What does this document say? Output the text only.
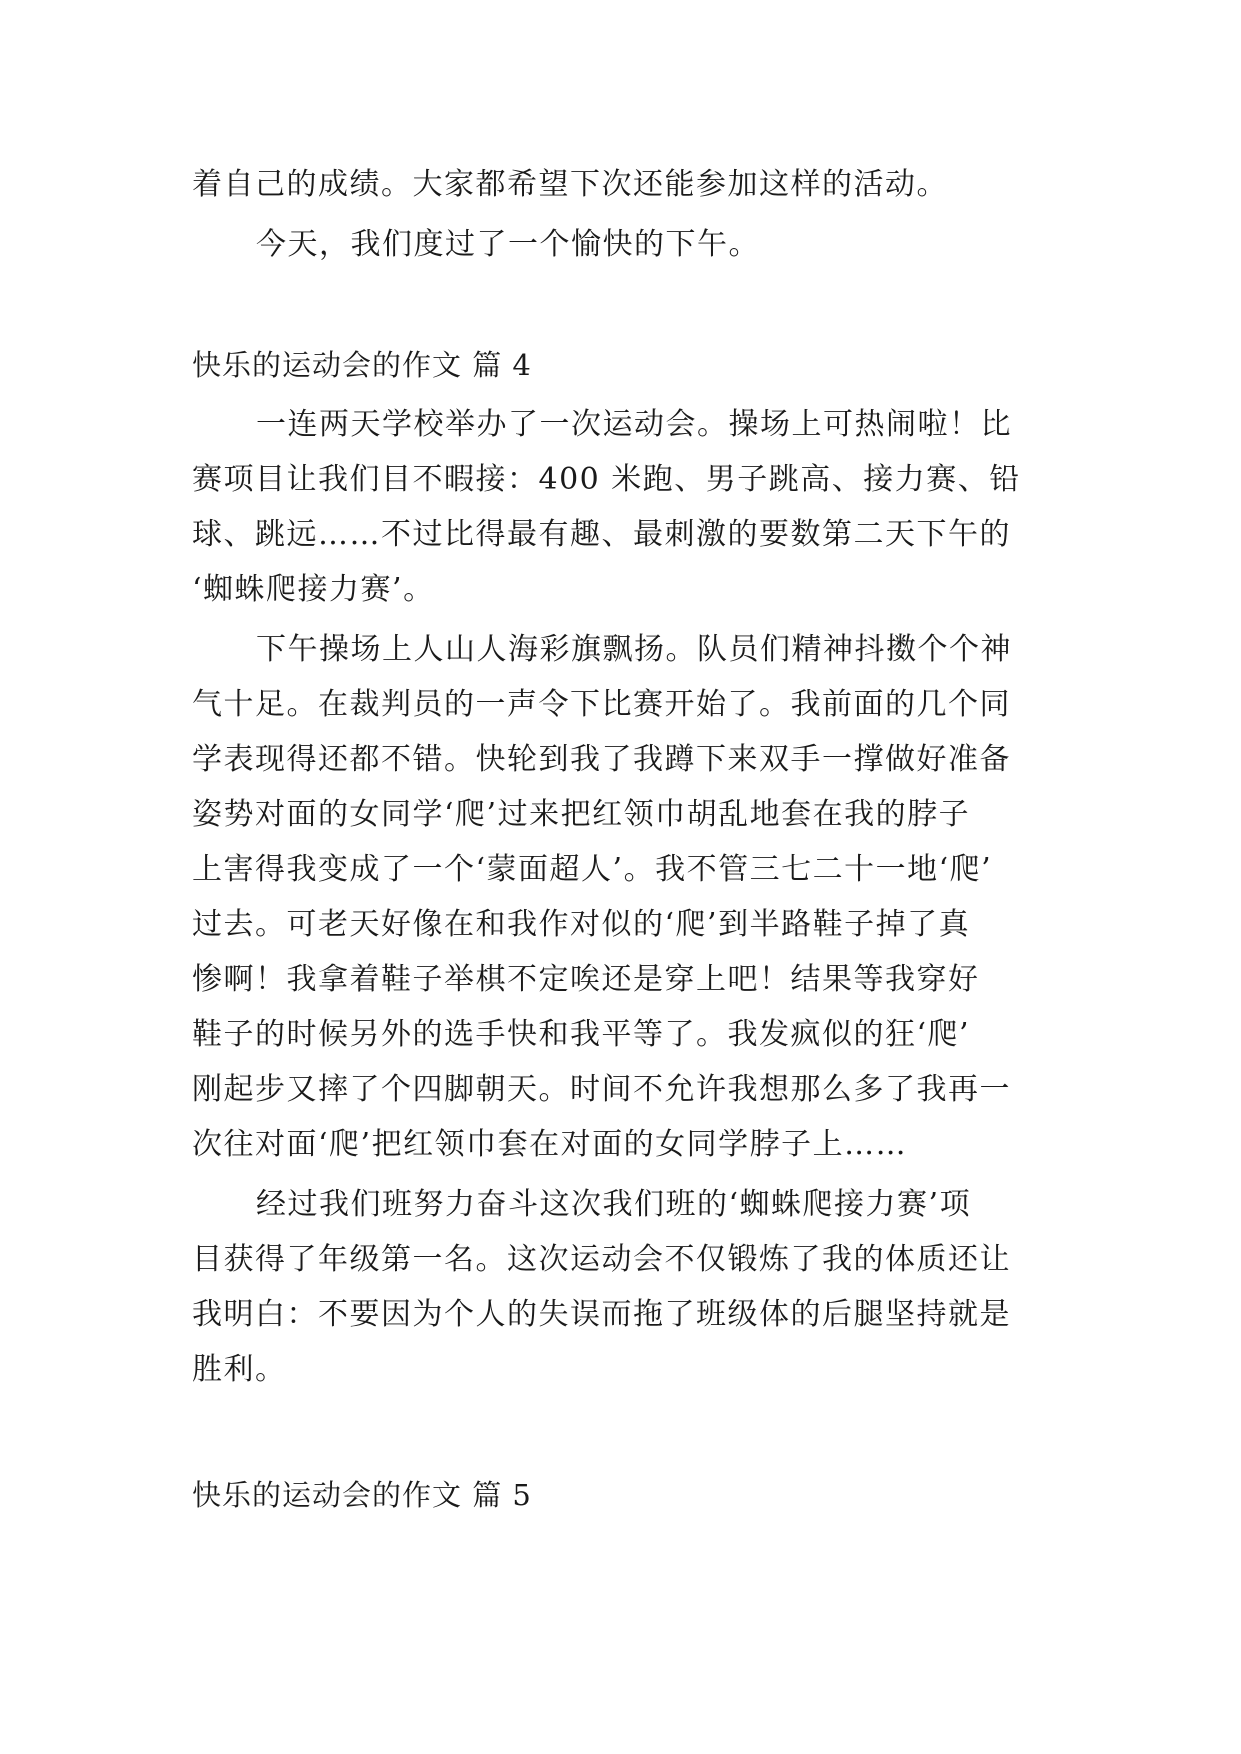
着自己的成绩。大家都希望下次还能参加这样的活动。
今天，我们度过了一个愉快的下午。
快乐的运动会的作文 篇 4
一连两天学校举办了一次运动会。操场上可热闹啦！比
赛项目让我们目不暇接：400 米跑、男子跳高、接力赛、铅
球、跳远……不过比得最有趣、最刺激的要数第二天下午的
‘蜘蛛爬接力赛’。
下午操场上人山人海彩旗飘扬。队员们精神抖擞个个神
气十足。在裁判员的一声令下比赛开始了。我前面的几个同
学表现得还都不错。快轮到我了我蹲下来双手一撑做好准备
姿势对面的女同学‘爬’过来把红领巾胡乱地套在我的脖子
上害得我变成了一个‘蒙面超人’。我不管三七二十一地‘爬’
过去。可老天好像在和我作对似的‘爬’到半路鞋子掉了真
惨啊！我拿着鞋子举棋不定唉还是穿上吧！结果等我穿好
鞋子的时候另外的选手快和我平等了。我发疯似的狂‘爬’
刚起步又摔了个四脚朝天。时间不允许我想那么多了我再一
次往对面‘爬’把红领巾套在对面的女同学脖子上……
经过我们班努力奋斗这次我们班的‘蜘蛛爬接力赛’项
目获得了年级第一名。这次运动会不仅锻炼了我的体质还让
我明白：不要因为个人的失误而拖了班级体的后腿坚持就是
胜利。
快乐的运动会的作文 篇 5
